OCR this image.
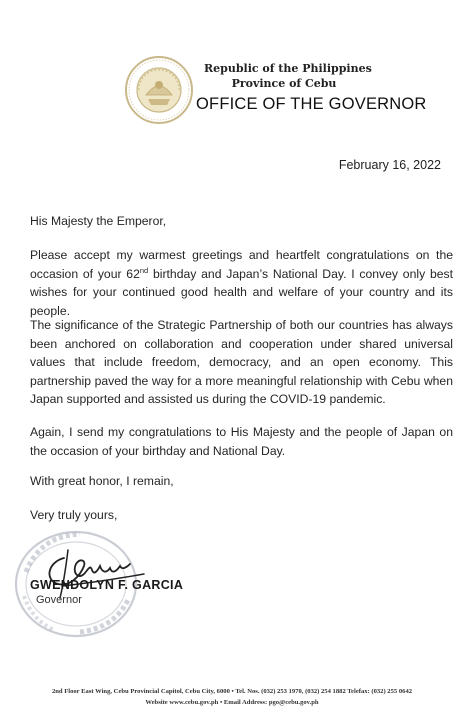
Republic of the Philippines
Province of Cebu
OFFICE OF THE GOVERNOR
February 16, 2022
His Majesty the Emperor,
Please accept my warmest greetings and heartfelt congratulations on the occasion of your 62nd birthday and Japan’s National Day. I convey only best wishes for your continued good health and welfare of your country and its people.
The significance of the Strategic Partnership of both our countries has always been anchored on collaboration and cooperation under shared universal values that include freedom, democracy, and an open economy. This partnership paved the way for a more meaningful relationship with Cebu when Japan supported and assisted us during the COVID-19 pandemic.
Again, I send my congratulations to His Majesty and the people of Japan on the occasion of your birthday and National Day.
With great honor, I remain,
Very truly yours,
GWENDOLYN F. GARCIA
Governor
2nd Floor East Wing, Cebu Provincial Capitol, Cebu City, 6000 • Tel. Nos. (032) 253 1970, (032) 254 1882 Telefax: (032) 255 0642
Website www.cebu.gov.ph • Email Address: pgo@cebu.gov.ph
